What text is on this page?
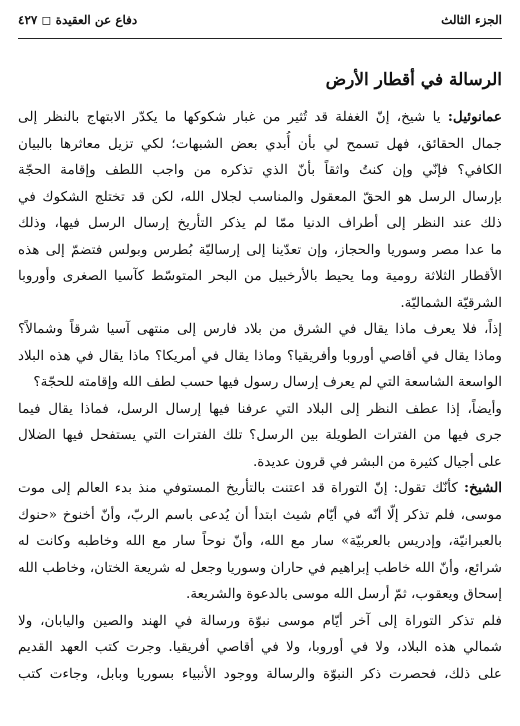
الجزء الثالث
دفاع عن العقيدة ◻ ٤٢٧
الرسالة في أقطار الأرض
عمانوئيل: يا شيخ، إنّ الغفلة قد تُثير من غبار شكوكها ما يكدّر الابتهاج بالنظر إلى
جمال الحقائق، فهل تسمح لي بأن أُبدي بعض الشبهات؛ لكي تزيل معاثرها بالبيان
الكافي؟ فإنّي وإن كنتُ واثقاً بأنّ الذي تذكره من واجب اللطف وإقامة الحجّة
بإرسال الرسل هو الحقّ المعقول والمناسب لجلال الله، لكن قد تختلج الشكوك في
ذلك عند النظر إلى أطراف الدنيا ممّا لم يذكر التأريخ إرسال الرسل فيها، وذلك
ما عدا مصر وسوريا والحجاز، وإن تعدّينا إلى إرساليّة بُطرس وبولس فتضمّ إلى هذه
الأقطار الثلاثة رومية وما يحيط بالأرخبيل من البحر المتوسّط كآسيا الصغرى وأوروبا
الشرقيّة الشماليّة.
إذاً، فلا يعرف ماذا يقال في الشرق من بلاد فارس إلى منتهى آسيا شرقاً وشمالاً؟
وماذا يقال في أقاصي أوروبا وأفريقيا؟ وماذا يقال في أمريكا؟ ماذا يقال في هذه البلاد
الواسعة الشاسعة التي لم يعرف إرسال رسول فيها حسب لطف الله وإقامته للحجّة؟
وأيضاً، إذا عطف النظر إلى البلاد التي عرفنا فيها إرسال الرسل، فماذا يقال فيما
جرى فيها من الفترات الطويلة بين الرسل؟ تلك الفترات التي يستفحل فيها الضلال
على أجيال كثيرة من البشر في قرون عديدة.
الشيخ: كأنّك تقول: إنّ التوراة قد اعتنت بالتأريخ المستوفي منذ بدء العالم إلى موت
موسى، فلم تذكر إلّا أنّه في أيّام شيث ابتدأ أن يُدعى باسم الربّ، وأنّ أخنوخ «حنوك
بالعبرانيّة، وإدريس بالعربيّة» سار مع الله، وأنّ نوحاً سار مع الله وخاطبه وكانت له
شرائع، وأنّ الله خاطب إبراهيم في حاران وسوريا وجعل له شريعة الختان، وخاطب الله
إسحاق ويعقوب، ثمّ أرسل الله موسى بالدعوة والشريعة.
فلم تذكر التوراة إلى آخر أيّام موسى نبوّة ورسالة في الهند والصين واليابان، ولا
شمالي هذه البلاد، ولا في أوروبا، ولا في أقاصي أفريقيا. وجرت كتب العهد القديم
على ذلك، فحصرت ذكر النبوّة والرسالة ووجود الأنبياء بسوريا وبابل، وجاءت كتب
